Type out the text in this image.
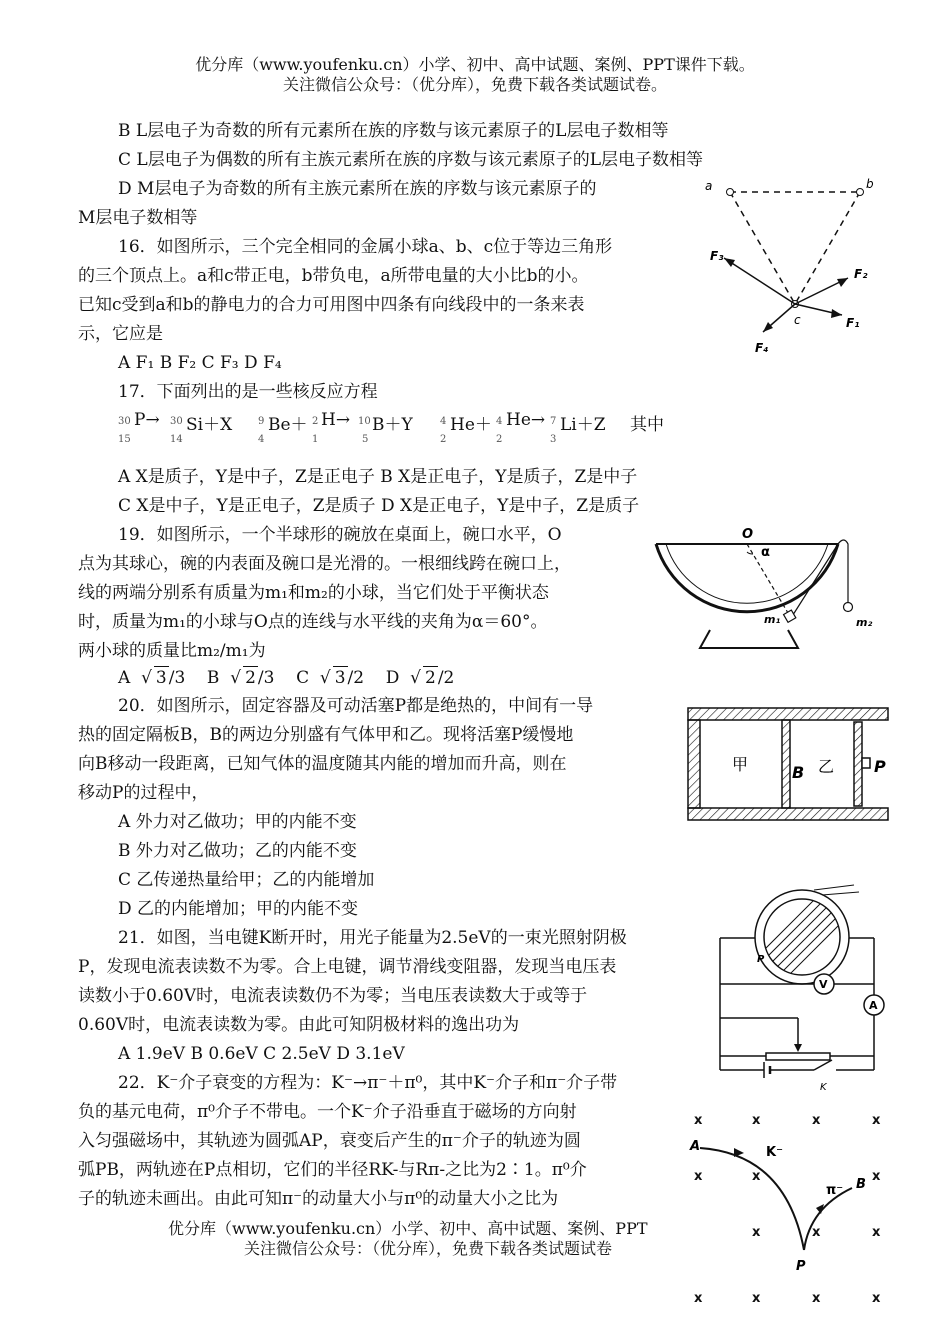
优分库（www.youfenku.cn）小学、初中、高中试题、案例、PPT课件下载。
关注微信公众号：（优分库），免费下载各类试题试卷。
B L层电子为奇数的所有元素所在族的序数与该元素原子的L层电子数相等
C L层电子为偶数的所有主族元素所在族的序数与该元素原子的L层电子数相等
D M层电子为奇数的所有主族元素所在族的序数与该元素原子的
M层电子数相等
16．如图所示，三个完全相同的金属小球a、b、c位于等边三角形
的三个顶点上。a和c带正电，b带负电，a所带电量的大小比b的小。
已知c受到a和b的静电力的合力可用图中四条有向线段中的一条来表
示，它应是
A F₁ B F₂ C F₃ D F₄
a	b
c	F₁
F₂
F₃
F₄
17．下面列出的是一些核反应方程
30
15
P→ 30
14
Si＋X	9
4
Be＋ 2
1
H→ 10
5
B＋Y	4
2
He＋ 4
2
He→ 7
3
Li＋Z 其中
A X是质子，Y是中子，Z是正电子 B X是正电子，Y是质子，Z是中子
C X是中子，Y是正电子，Z是质子 D X是正电子，Y是中子，Z是质子
19．如图所示，一个半球形的碗放在桌面上，碗口水平，O
点为其球心，碗的内表面及碗口是光滑的。一根细线跨在碗口上，
线的两端分别系有质量为m₁和m₂的小球，当它们处于平衡状态
时，质量为m₁的小球与O点的连线与水平线的夹角为α＝60°。
两小球的质量比m₂/m₁为
A  √ 3 /3 B  √ 2 /3 C  √ 3 /2 D  √ 2 /2
O
α
m₁	m₂
20．如图所示，固定容器及可动活塞P都是绝热的，中间有一导
热的固定隔板B，B的两边分别盛有气体甲和乙。现将活塞P缓慢地
向B移动一段距离，已知气体的温度随其内能的增加而升高，则在
移动P的过程中，
A 外力对乙做功；甲的内能不变
B 外力对乙做功；乙的内能不变
C 乙传递热量给甲；乙的内能增加
D 乙的内能增加；甲的内能不变
甲	B 乙 P
21．如图，当电键K断开时，用光子能量为2.5eV的一束光照射阴极
P，发现电流表读数不为零。合上电键，调节滑线变阻器，发现当电压表
读数小于0.60V时，电流表读数仍不为零；当电压表读数大于或等于
0.60V时，电流表读数为零。由此可知阴极材料的逸出功为
A 1.9eV B 0.6eV C 2.5eV D 3.1eV
P
V
A
K
22．K⁻介子衰变的方程为：K⁻→π⁻＋π⁰，其中K⁻介子和π⁻介子带
负的基元电荷，π⁰介子不带电。一个K⁻介子沿垂直于磁场的方向射
入匀强磁场中，其轨迹为圆弧AP，衰变后产生的π⁻介子的轨迹为圆
弧PB，两轨迹在P点相切，它们的半径RK-与Rπ-之比为2∶1。π⁰介
子的轨迹未画出。由此可知π⁻的动量大小与π⁰的动量大小之比为
x	x	x	x
x	x	x
x
x	x
x	x	x	x
A	K⁻
π⁻ B
P
优分库（www.youfenku.cn）小学、初中、高中试题、案例、PPT
关注微信公众号：（优分库），免费下载各类试题试卷
